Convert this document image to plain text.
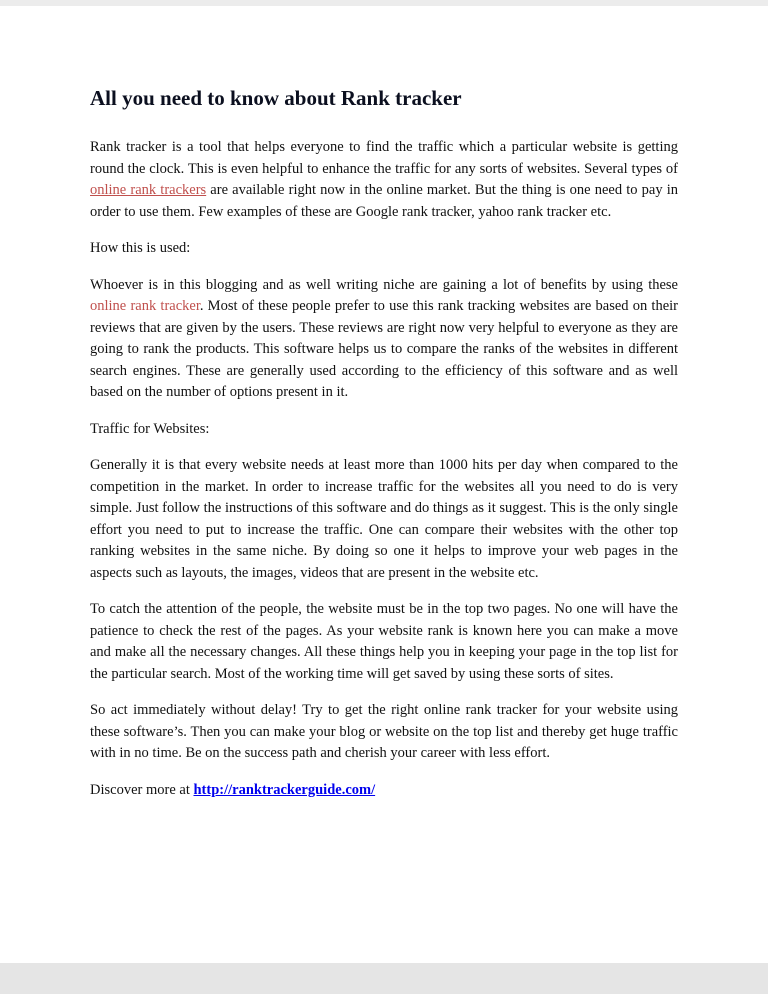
All you need to know about Rank tracker

Rank tracker is a tool that helps everyone to find the traffic which a particular website is getting round the clock. This is even helpful to enhance the traffic for any sorts of websites. Several types of online rank trackers are available right now in the online market. But the thing is one need to pay in order to use them. Few examples of these are Google rank tracker, yahoo rank tracker etc.

How this is used:

Whoever is in this blogging and as well writing niche are gaining a lot of benefits by using these online rank tracker. Most of these people prefer to use this rank tracking websites are based on their reviews that are given by the users. These reviews are right now very helpful to everyone as they are going to rank the products. This software helps us to compare the ranks of the websites in different search engines. These are generally used according to the efficiency of this software and as well based on the number of options present in it.

Traffic for Websites:

Generally it is that every website needs at least more than 1000 hits per day when compared to the competition in the market. In order to increase traffic for the websites all you need to do is very simple. Just follow the instructions of this software and do things as it suggest. This is the only single effort you need to put to increase the traffic. One can compare their websites with the other top ranking websites in the same niche. By doing so one it helps to improve your web pages in the aspects such as layouts, the images, videos that are present in the website etc.

To catch the attention of the people, the website must be in the top two pages. No one will have the patience to check the rest of the pages. As your website rank is known here you can make a move and make all the necessary changes. All these things help you in keeping your page in the top list for the particular search. Most of the working time will get saved by using these sorts of sites.

So act immediately without delay! Try to get the right online rank tracker for your website using these software’s. Then you can make your blog or website on the top list and thereby get huge traffic with in no time. Be on the success path and cherish your career with less effort.

Discover more at http://ranktrackerguide.com/
